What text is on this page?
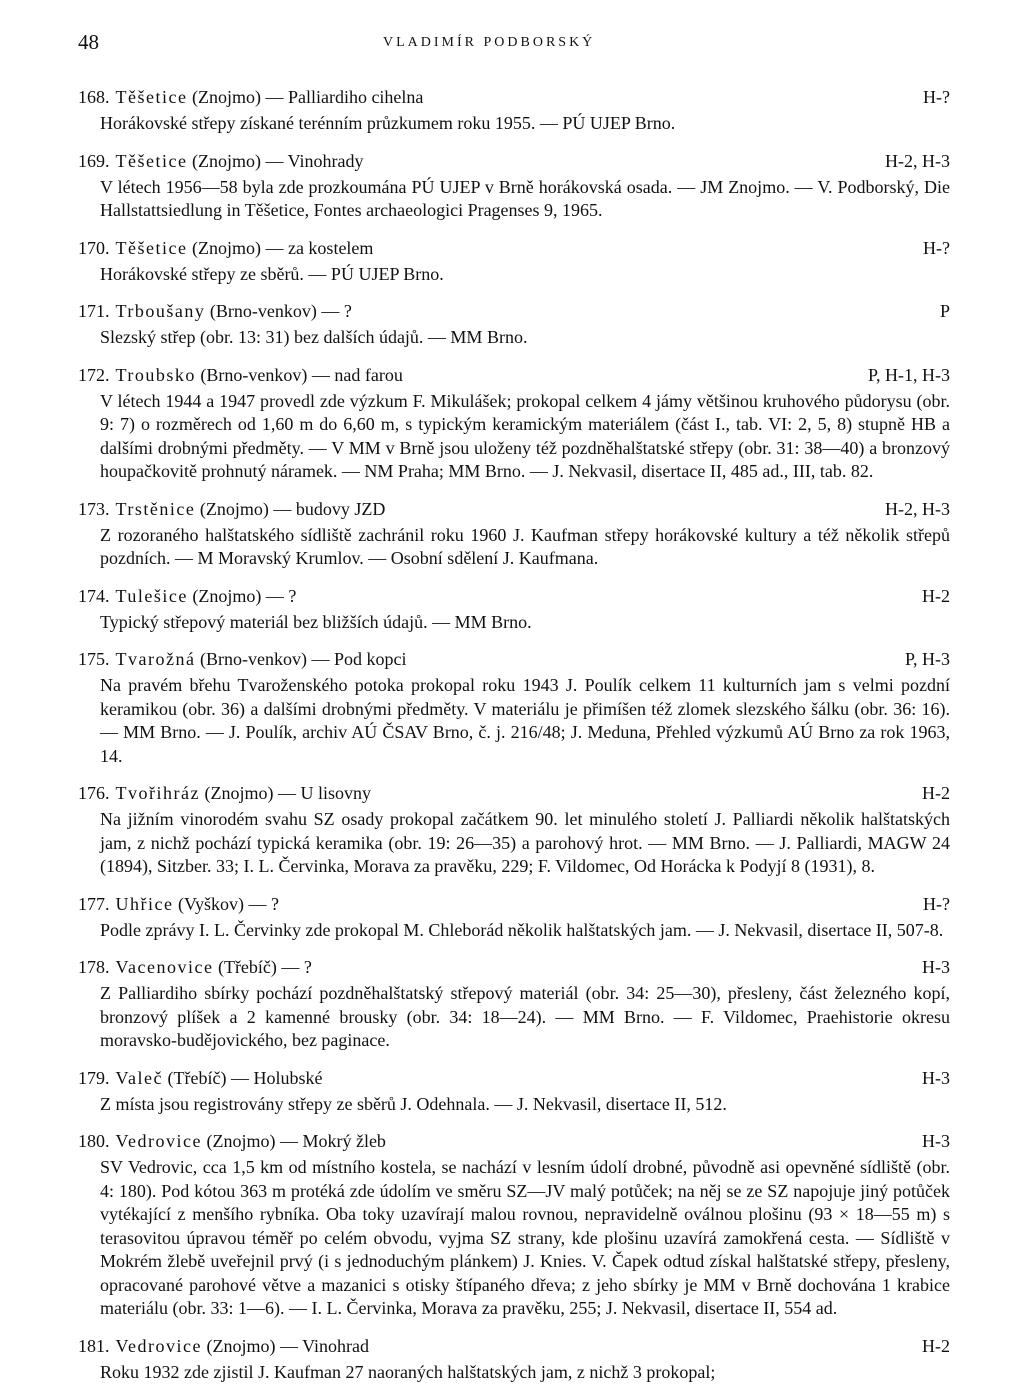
48	VLADIMÍR PODBORSKÝ
168. Těšetice (Znojmo) — Palliardiho cihelna	H-?
Horákovské střepy získané terénním průzkumem roku 1955. — PÚ UJEP Brno.
169. Těšetice (Znojmo) — Vinohrady	H-2, H-3
V létech 1956—58 byla zde prozkoumána PÚ UJEP v Brně horákovská osada. — JM Znojmo. — V. Podborský, Die Hallstattsiedlung in Těšetice, Fontes archaeologici Pragenses 9, 1965.
170. Těšetice (Znojmo) — za kostelem	H-?
Horákovské střepy ze sběrů. — PÚ UJEP Brno.
171. Trboušany (Brno-venkov) — ?	P
Slezský střep (obr. 13: 31) bez dalších údajů. — MM Brno.
172. Troubsko (Brno-venkov) — nad farou	P, H-1, H-3
V létech 1944 a 1947 provedl zde výzkum F. Mikulášek; prokopal celkem 4 jámy většinou kruhového půdorysu (obr. 9: 7) o rozměrech od 1,60 m do 6,60 m, s typickým keramickým materiálem (část I., tab. VI: 2, 5, 8) stupně HB a dalšími drobnými předměty. — V MM v Brně jsou uloženy též pozdněhalštatské střepy (obr. 31: 38—40) a bronzový houpačkovitě prohnutý náramek. — NM Praha; MM Brno. — J. Nekvasil, disertace II, 485 ad., III, tab. 82.
173. Trstěnice (Znojmo) — budovy JZD	H-2, H-3
Z rozoraného halštatského sídliště zachránil roku 1960 J. Kaufman střepy horákovské kultury a též několik střepů pozdních. — M Moravský Krumlov. — Osobní sdělení J. Kaufmana.
174. Tulešice (Znojmo) — ?	H-2
Typický střepový materiál bez bližších údajů. — MM Brno.
175. Tvarožná (Brno-venkov) — Pod kopci	P, H-3
Na pravém břehu Tvaroženského potoka prokopal roku 1943 J. Poulík celkem 11 kulturních jam s velmi pozdní keramikou (obr. 36) a dalšími drobnými předměty. V materiálu je přimíšen též zlomek slezského šálku (obr. 36: 16). — MM Brno. — J. Poulík, archiv AÚ ČSAV Brno, č. j. 216/48; J. Meduna, Přehled výzkumů AÚ Brno za rok 1963, 14.
176. Tvořihráz (Znojmo) — U lisovny	H-2
Na jižním vinorodém svahu SZ osady prokopal začátkem 90. let minulého století J. Palliardi několik halštatských jam, z nichž pochází typická keramika (obr. 19: 26—35) a parohový hrot. — MM Brno. — J. Palliardi, MAGW 24 (1894), Sitzber. 33; I. L. Červinka, Morava za pravěku, 229; F. Vildomec, Od Horácka k Podyjí 8 (1931), 8.
177. Uhřice (Vyškov) — ?	H-?
Podle zprávy I. L. Červinky zde prokopal M. Chleborád několik halštatských jam. — J. Nekvasil, disertace II, 507-8.
178. Vacenovice (Třebíč) — ?	H-3
Z Palliardiho sbírky pochází pozdněhalštatský střepový materiál (obr. 34: 25—30), přesleny, část železného kopí, bronzový plíšek a 2 kamenné brousky (obr. 34: 18—24). — MM Brno. — F. Vildomec, Praehistorie okresu moravsko-budějovického, bez paginace.
179. Valeč (Třebíč) — Holubské	H-3
Z místa jsou registrovány střepy ze sběrů J. Odehnala. — J. Nekvasil, disertace II, 512.
180. Vedrovice (Znojmo) — Mokrý žleb	H-3
SV Vedrovic, cca 1,5 km od místního kostela, se nachází v lesním údolí drobné, původně asi opevněné sídliště (obr. 4: 180). Pod kótou 363 m protéká zde údolím ve směru SZ—JV malý potůček; na něj se ze SZ napojuje jiný potůček vytékající z menšího rybníka. Oba toky uzavírají malou rovnou, nepravidelně oválnou plošinu (93 × 18—55 m) s terasovitou úpravou téměř po celém obvodu, vyjma SZ strany, kde plošinu uzavírá zamokřená cesta. — Sídliště v Mokrém žlebě uveřejnil prvý (i s jednoduchým plánkem) J. Knies. V. Čapek odtud získal halštatské střepy, přesleny, opracované parohové větve a mazanici s otisky štípaného dřeva; z jeho sbírky je MM v Brně dochována 1 krabice materiálu (obr. 33: 1—6). — I. L. Červinka, Morava za pravěku, 255; J. Nekvasil, disertace II, 554 ad.
181. Vedrovice (Znojmo) — Vinohrad	H-2
Roku 1932 zde zjistil J. Kaufman 27 naoraných halštatských jam, z nichž 3 prokopal;
